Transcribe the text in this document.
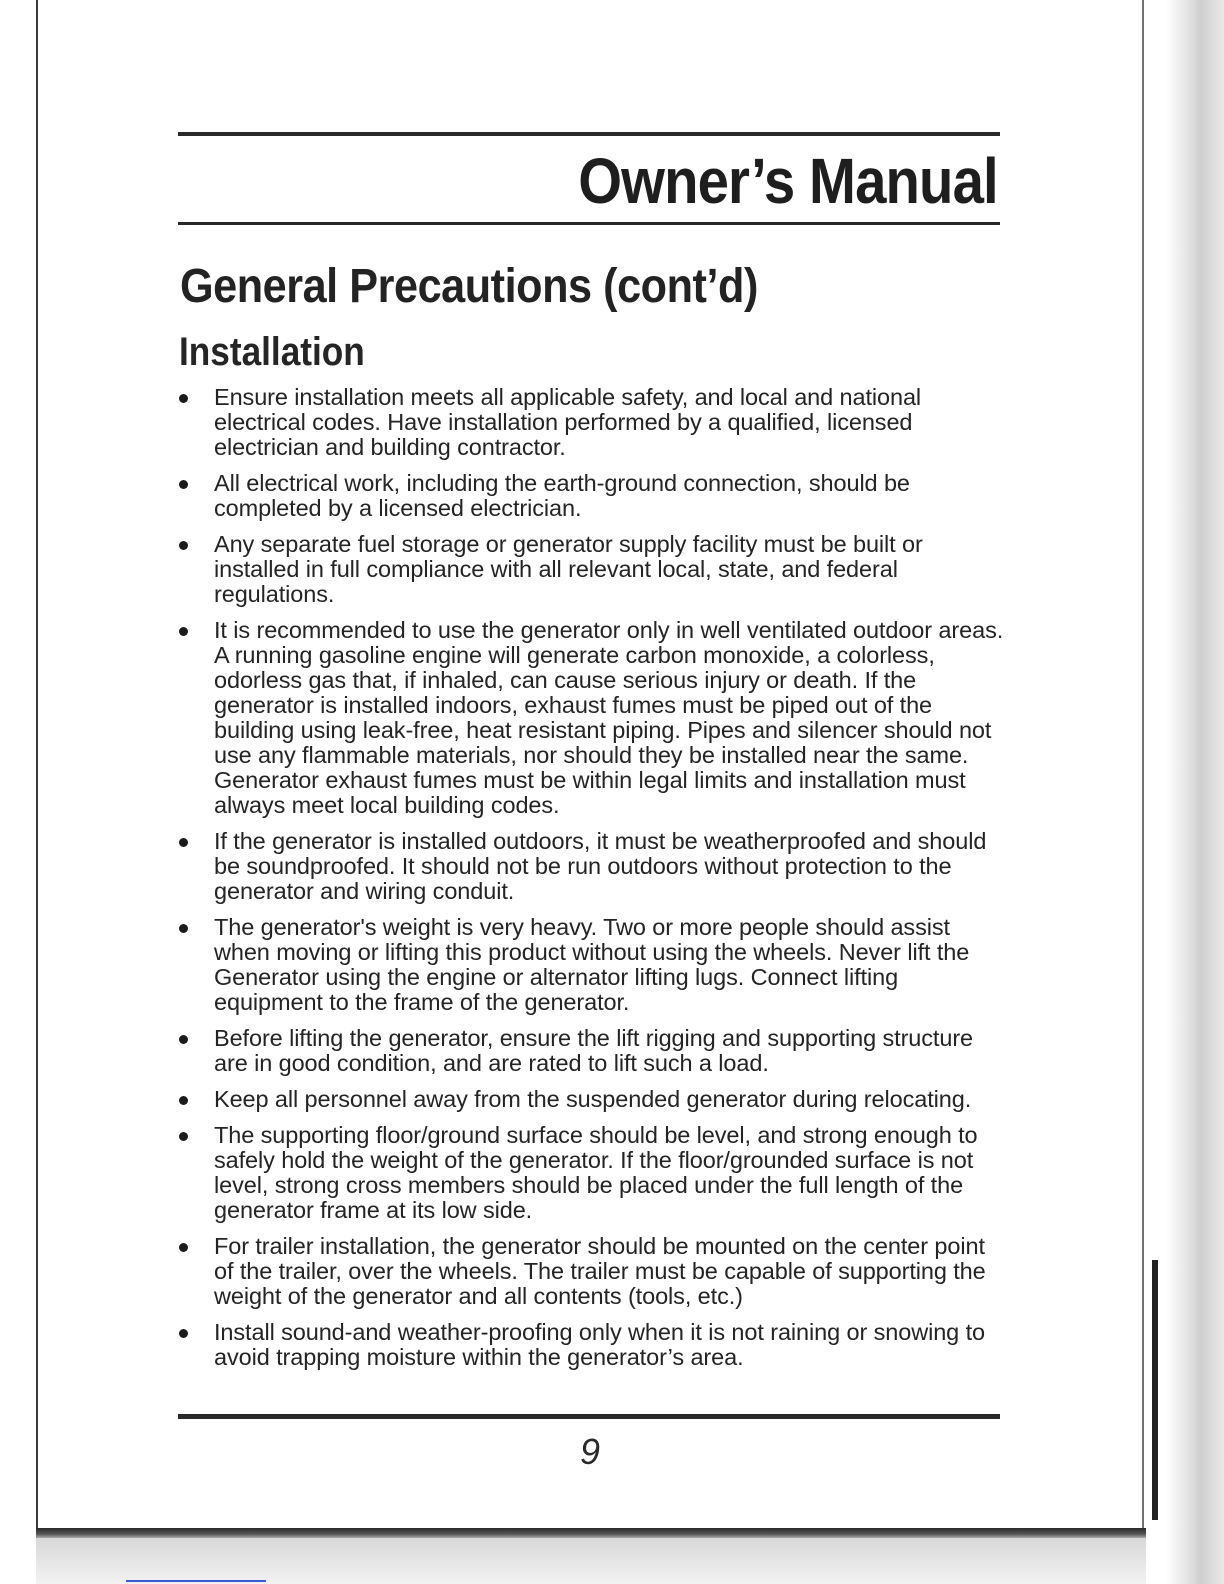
Owner’s Manual
General Precautions (cont’d)
Installation
Ensure installation meets all applicable safety, and local and national electrical codes. Have installation performed by a qualified, licensed electrician and building contractor.
All electrical work, including the earth-ground connection, should be completed by a licensed electrician.
Any separate fuel storage or generator supply facility must be built or installed in full compliance with all relevant local, state, and federal regulations.
It is recommended to use the generator only in well ventilated outdoor areas. A running gasoline engine will generate carbon monoxide, a colorless, odorless gas that, if inhaled, can cause serious injury or death. If the generator is installed indoors, exhaust fumes must be piped out of the building using leak-free, heat resistant piping. Pipes and silencer should not use any flammable materials, nor should they be installed near the same. Generator exhaust fumes must be within legal limits and installation must always meet local building codes.
If the generator is installed outdoors, it must be weatherproofed and should be soundproofed. It should not be run outdoors without protection to the generator and wiring conduit.
The generator's weight is very heavy. Two or more people should assist when moving or lifting this product without using the wheels. Never lift the Generator using the engine or alternator lifting lugs. Connect lifting equipment to the frame of the generator.
Before lifting the generator, ensure the lift rigging and supporting structure are in good condition, and are rated to lift such a load.
Keep all personnel away from the suspended generator during relocating.
The supporting floor/ground surface should be level, and strong enough to safely hold the weight of the generator. If the floor/grounded surface is not level, strong cross members should be placed under the full length of the generator frame at its low side.
For trailer installation, the generator should be mounted on the center point of the trailer, over the wheels. The trailer must be capable of supporting the weight of the generator and all contents (tools, etc.)
Install sound-and weather-proofing only when it is not raining or snowing to avoid trapping moisture within the generator’s area.

9
